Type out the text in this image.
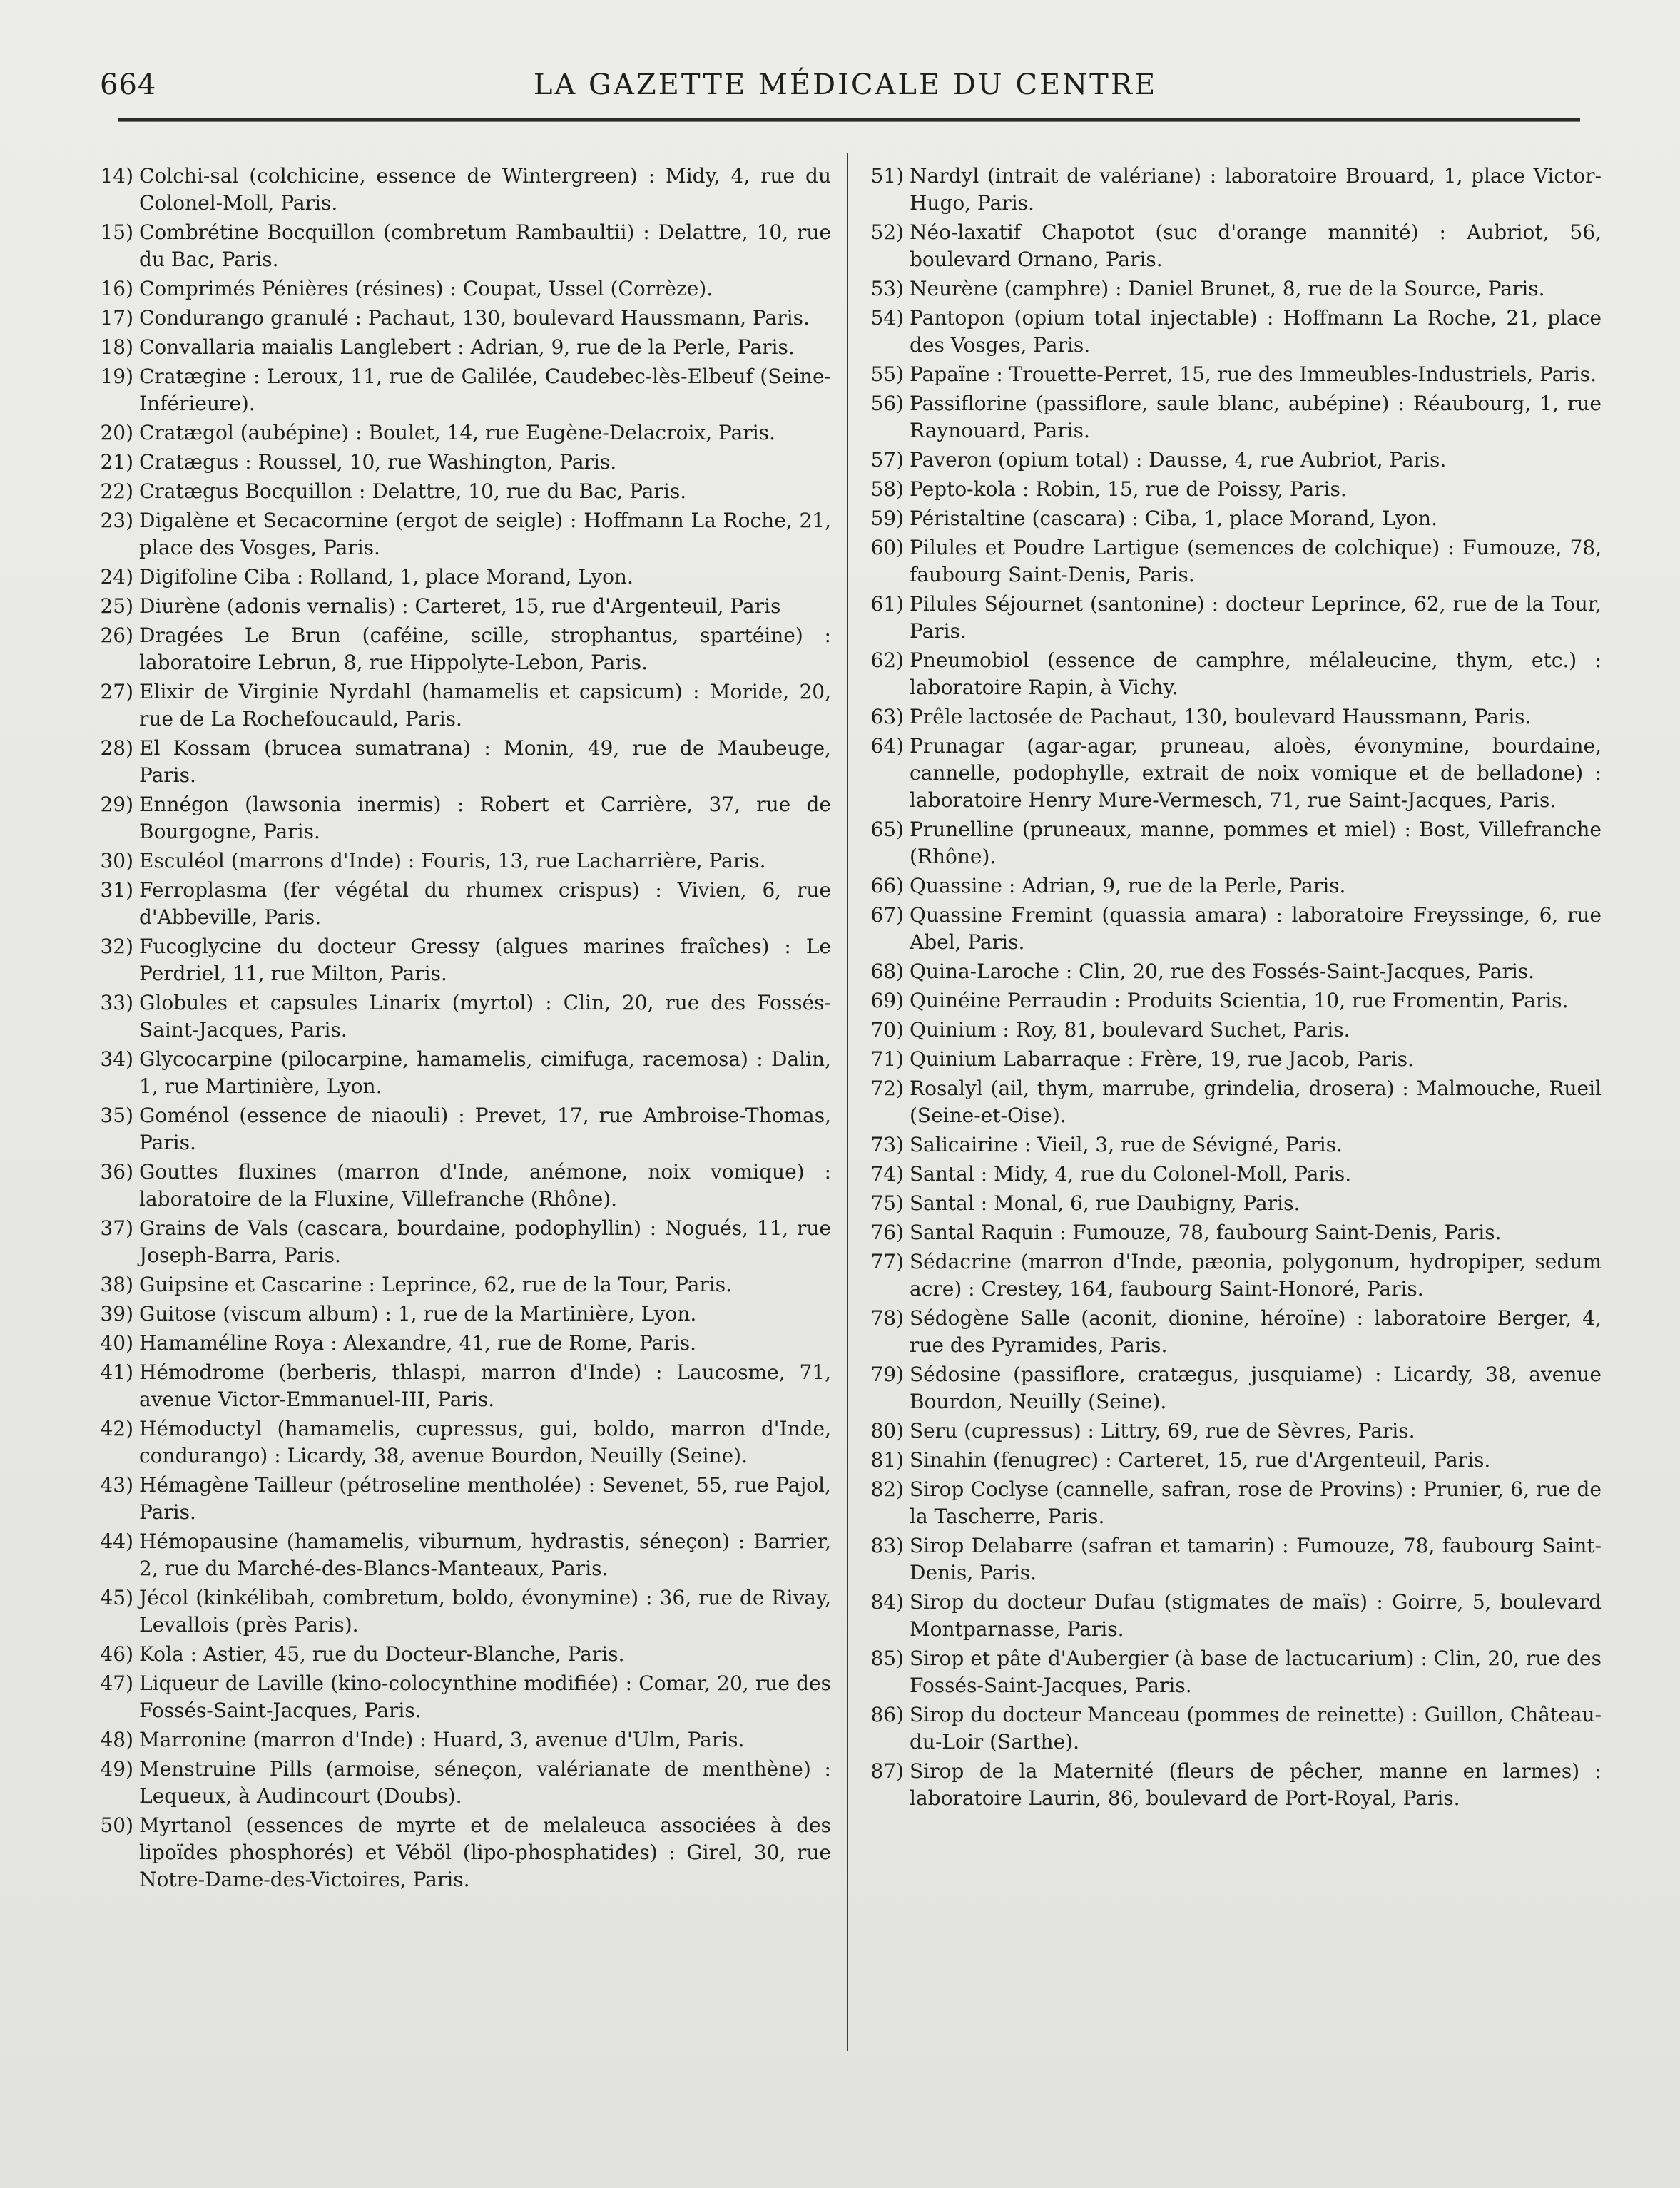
664	LA GAZETTE MÉDICALE DU CENTRE
14) Colchi-sal (colchicine, essence de Wintergreen) : Midy, 4, rue du Colonel-Moll, Paris.
15) Combrétine Bocquillon (combretum Rambaultii) : Delattre, 10, rue du Bac, Paris.
16) Comprimés Pénières (résines) : Coupat, Ussel (Corrèze).
17) Condurango granulé : Pachaut, 130, boulevard Haussmann, Paris.
18) Convallaria maialis Langlebert : Adrian, 9, rue de la Perle, Paris.
19) Cratægine : Leroux, 11, rue de Galilée, Caudebec-lès-Elbeuf (Seine-Inférieure).
20) Cratægol (aubépine) : Boulet, 14, rue Eugène-Delacroix, Paris.
21) Cratægus : Roussel, 10, rue Washington, Paris.
22) Cratægus Bocquillon : Delattre, 10, rue du Bac, Paris.
23) Digalène et Secacornine (ergot de seigle) : Hoffmann La Roche, 21, place des Vosges, Paris.
24) Digifoline Ciba : Rolland, 1, place Morand, Lyon.
25) Diurène (adonis vernalis) : Carteret, 15, rue d'Argenteuil, Paris
26) Dragées Le Brun (caféine, scille, strophantus, spartéine) : laboratoire Lebrun, 8, rue Hippolyte-Lebon, Paris.
27) Elixir de Virginie Nyrdahl (hamamelis et capsicum) : Moride, 20, rue de La Rochefoucauld, Paris.
28) El Kossam (brucea sumatrana) : Monin, 49, rue de Maubeuge, Paris.
29) Ennégon (lawsonia inermis) : Robert et Carrière, 37, rue de Bourgogne, Paris.
30) Esculéol (marrons d'Inde) : Fouris, 13, rue Lacharrière, Paris.
31) Ferroplasma (fer végétal du rhumex crispus) : Vivien, 6, rue d'Abbeville, Paris.
32) Fucoglycine du docteur Gressy (algues marines fraîches) : Le Perdriel, 11, rue Milton, Paris.
33) Globules et capsules Linarix (myrtol) : Clin, 20, rue des Fossés-Saint-Jacques, Paris.
34) Glycocarpine (pilocarpine, hamamelis, cimifuga, racemosa) : Dalin, 1, rue Martinière, Lyon.
35) Goménol (essence de niaouli) : Prevet, 17, rue Ambroise-Thomas, Paris.
36) Gouttes fluxines (marron d'Inde, anémone, noix vomique) : laboratoire de la Fluxine, Villefranche (Rhône).
37) Grains de Vals (cascara, bourdaine, podophyllin) : Nogués, 11, rue Joseph-Barra, Paris.
38) Guipsine et Cascarine : Leprince, 62, rue de la Tour, Paris.
39) Guitose (viscum album) : 1, rue de la Martinière, Lyon.
40) Hamaméline Roya : Alexandre, 41, rue de Rome, Paris.
41) Hémodrome (berberis, thlaspi, marron d'Inde) : Laucosme, 71, avenue Victor-Emmanuel-III, Paris.
42) Hémoductyl (hamamelis, cupressus, gui, boldo, marron d'Inde, condurango) : Licardy, 38, avenue Bourdon, Neuilly (Seine).
43) Hémagène Tailleur (pétroseline mentholée) : Sevenet, 55, rue Pajol, Paris.
44) Hémopausine (hamamelis, viburnum, hydrastis, séneçon) : Barrier, 2, rue du Marché-des-Blancs-Manteaux, Paris.
45) Jécol (kinkélibah, combretum, boldo, évonymine) : 36, rue de Rivay, Levallois (près Paris).
46) Kola : Astier, 45, rue du Docteur-Blanche, Paris.
47) Liqueur de Laville (kino-colocynthine modifiée) : Comar, 20, rue des Fossés-Saint-Jacques, Paris.
48) Marronine (marron d'Inde) : Huard, 3, avenue d'Ulm, Paris.
49) Menstruine Pills (armoise, séneçon, valérianate de menthène) : Lequeux, à Audincourt (Doubs).
50) Myrtanol (essences de myrte et de melaleuca associées à des lipoïdes phosphorés) et Véböl (lipo-phosphatides) : Girel, 30, rue Notre-Dame-des-Victoires, Paris.
51) Nardyl (intrait de valériane) : laboratoire Brouard, 1, place Victor-Hugo, Paris.
52) Néo-laxatif Chapotot (suc d'orange mannité) : Aubriot, 56, boulevard Ornano, Paris.
53) Neurène (camphre) : Daniel Brunet, 8, rue de la Source, Paris.
54) Pantopon (opium total injectable) : Hoffmann La Roche, 21, place des Vosges, Paris.
55) Papaïne : Trouette-Perret, 15, rue des Immeubles-Industriels, Paris.
56) Passiflorine (passiflore, saule blanc, aubépine) : Réaubourg, 1, rue Raynouard, Paris.
57) Paveron (opium total) : Dausse, 4, rue Aubriot, Paris.
58) Pepto-kola : Robin, 15, rue de Poissy, Paris.
59) Péristaltine (cascara) : Ciba, 1, place Morand, Lyon.
60) Pilules et Poudre Lartigue (semences de colchique) : Fumouze, 78, faubourg Saint-Denis, Paris.
61) Pilules Séjournet (santonine) : docteur Leprince, 62, rue de la Tour, Paris.
62) Pneumobiol (essence de camphre, mélaleucine, thym, etc.) : laboratoire Rapin, à Vichy.
63) Prêle lactosée de Pachaut, 130, boulevard Haussmann, Paris.
64) Prunagar (agar-agar, pruneau, aloès, évonymine, bourdaine, cannelle, podophylle, extrait de noix vomique et de belladone) : laboratoire Henry Mure-Vermesch, 71, rue Saint-Jacques, Paris.
65) Prunelline (pruneaux, manne, pommes et miel) : Bost, Villefranche (Rhône).
66) Quassine : Adrian, 9, rue de la Perle, Paris.
67) Quassine Fremint (quassia amara) : laboratoire Freyssinge, 6, rue Abel, Paris.
68) Quina-Laroche : Clin, 20, rue des Fossés-Saint-Jacques, Paris.
69) Quinéine Perraudin : Produits Scientia, 10, rue Fromentin, Paris.
70) Quinium : Roy, 81, boulevard Suchet, Paris.
71) Quinium Labarraque : Frère, 19, rue Jacob, Paris.
72) Rosalyl (ail, thym, marrube, grindelia, drosera) : Malmouche, Rueil (Seine-et-Oise).
73) Salicairine : Vieil, 3, rue de Sévigné, Paris.
74) Santal : Midy, 4, rue du Colonel-Moll, Paris.
75) Santal : Monal, 6, rue Daubigny, Paris.
76) Santal Raquin : Fumouze, 78, faubourg Saint-Denis, Paris.
77) Sédacrine (marron d'Inde, pæonia, polygonum, hydropiper, sedum acre) : Crestey, 164, faubourg Saint-Honoré, Paris.
78) Sédogène Salle (aconit, dionine, héroïne) : laboratoire Berger, 4, rue des Pyramides, Paris.
79) Sédosine (passiflore, cratægus, jusquiame) : Licardy, 38, avenue Bourdon, Neuilly (Seine).
80) Seru (cupressus) : Littry, 69, rue de Sèvres, Paris.
81) Sinahin (fenugrec) : Carteret, 15, rue d'Argenteuil, Paris.
82) Sirop Coclyse (cannelle, safran, rose de Provins) : Prunier, 6, rue de la Tascherre, Paris.
83) Sirop Delabarre (safran et tamarin) : Fumouze, 78, faubourg Saint-Denis, Paris.
84) Sirop du docteur Dufau (stigmates de maïs) : Goirre, 5, boulevard Montparnasse, Paris.
85) Sirop et pâte d'Aubergier (à base de lactucarium) : Clin, 20, rue des Fossés-Saint-Jacques, Paris.
86) Sirop du docteur Manceau (pommes de reinette) : Guillon, Château-du-Loir (Sarthe).
87) Sirop de la Maternité (fleurs de pêcher, manne en larmes) : laboratoire Laurin, 86, boulevard de Port-Royal, Paris.
